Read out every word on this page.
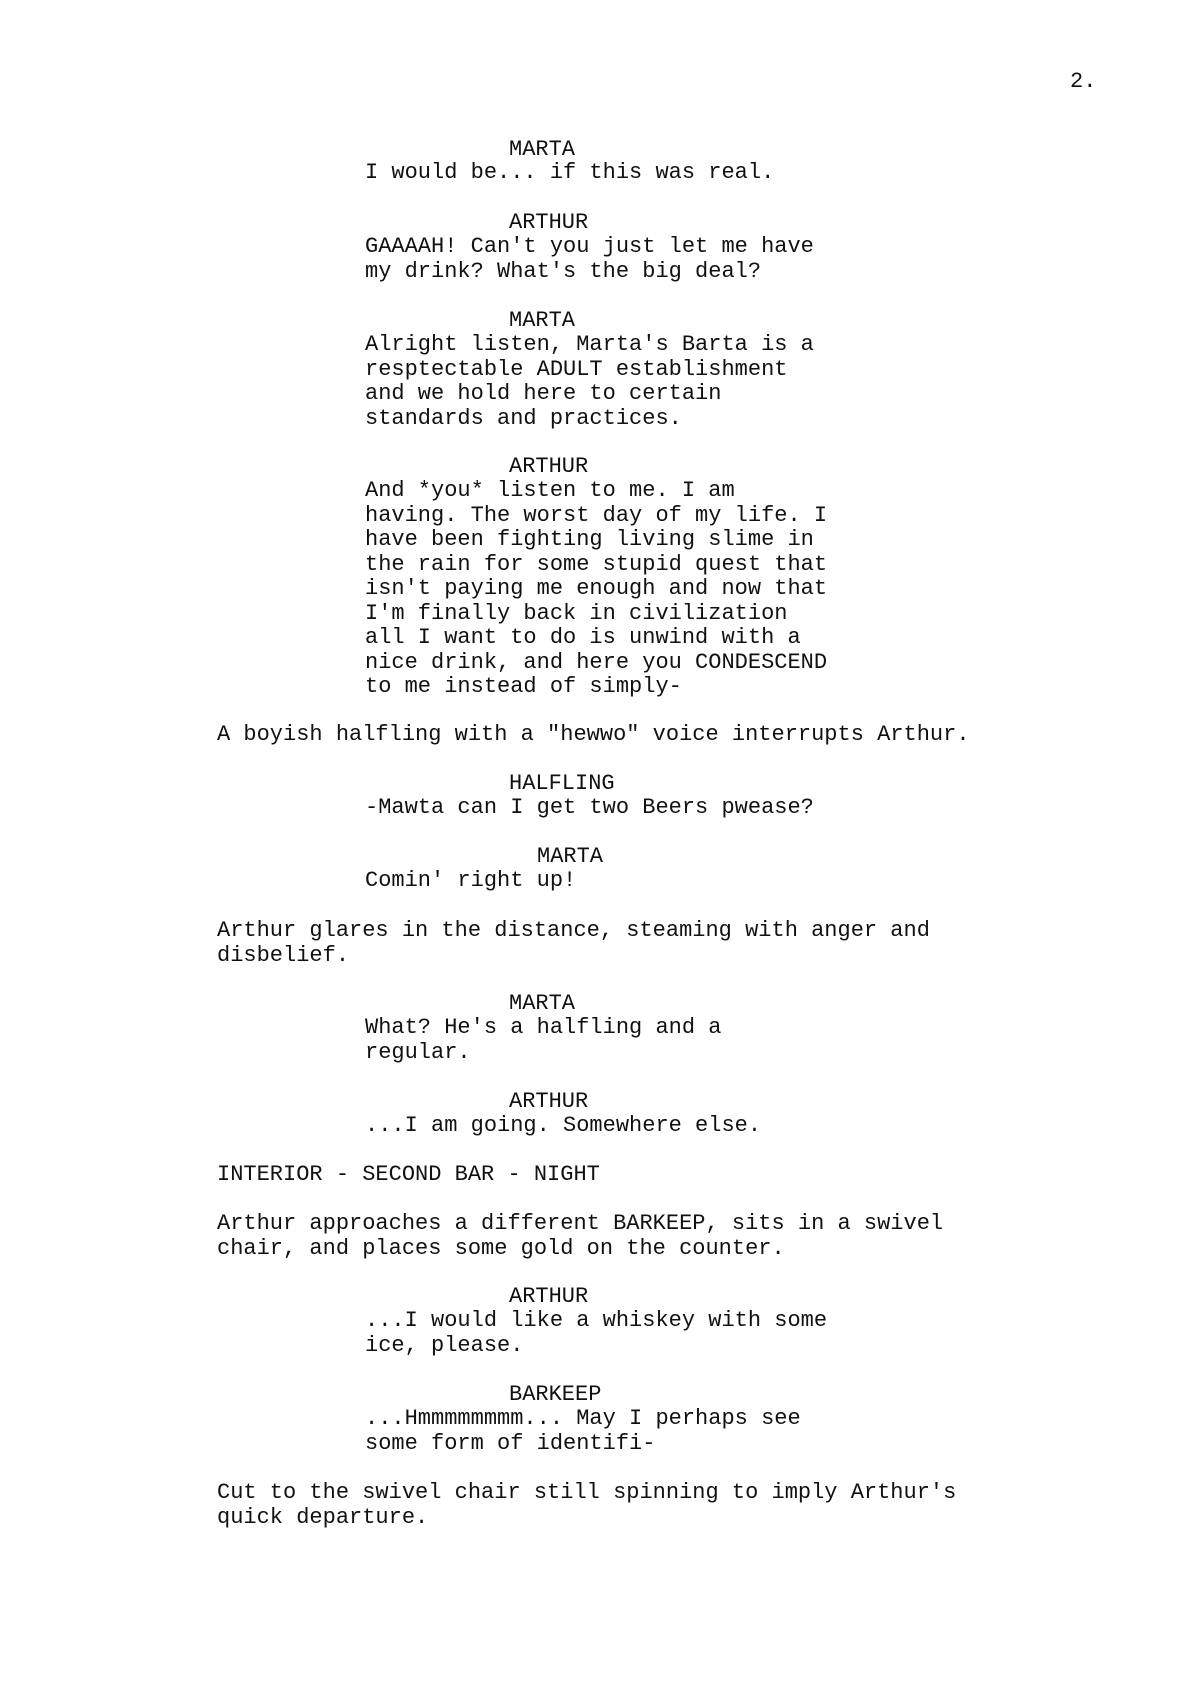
2.
MARTA
I would be... if this was real.
ARTHUR
GAAAAH! Can't you just let me have
my drink? What's the big deal?
MARTA
Alright listen, Marta's Barta is a
resptectable ADULT establishment
and we hold here to certain
standards and practices.
ARTHUR
And *you* listen to me. I am
having. The worst day of my life. I
have been fighting living slime in
the rain for some stupid quest that
isn't paying me enough and now that
I'm finally back in civilization
all I want to do is unwind with a
nice drink, and here you CONDESCEND
to me instead of simply-
A boyish halfling with a "hewwo" voice interrupts Arthur.
HALFLING
-Mawta can I get two Beers pwease?
MARTA
Comin' right up!
Arthur glares in the distance, steaming with anger and
disbelief.
MARTA
What? He's a halfling and a
regular.
ARTHUR
...I am going. Somewhere else.
INTERIOR - SECOND BAR - NIGHT
Arthur approaches a different BARKEEP, sits in a swivel
chair, and places some gold on the counter.
ARTHUR
...I would like a whiskey with some
ice, please.
BARKEEP
...Hmmmmmmmm... May I perhaps see
some form of identifi-
Cut to the swivel chair still spinning to imply Arthur's
quick departure.
